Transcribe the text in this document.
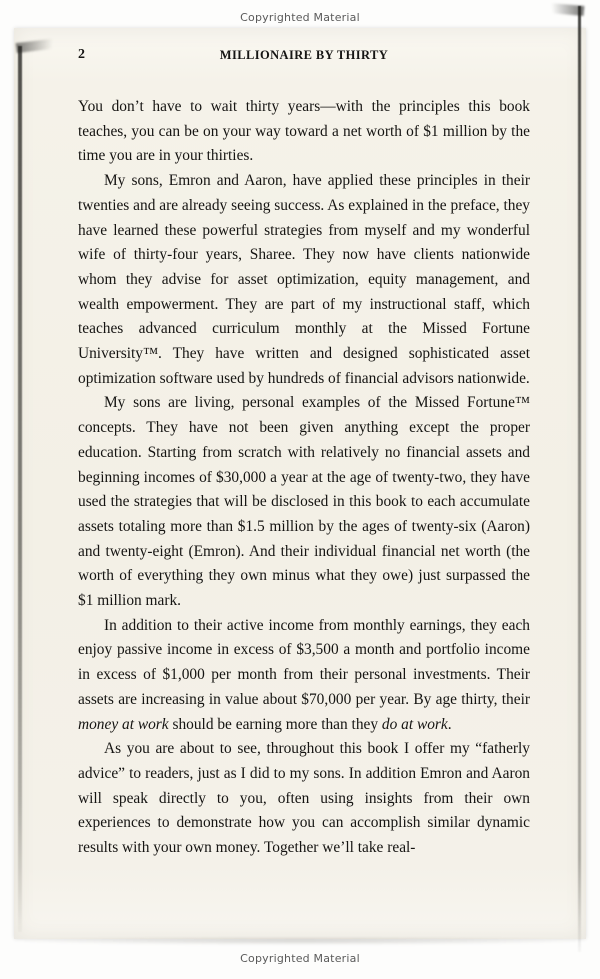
Copyrighted Material
2	MILLIONAIRE BY THIRTY

You don’t have to wait thirty years—with the principles this book teaches, you can be on your way toward a net worth of $1 million by the time you are in your thirties.

My sons, Emron and Aaron, have applied these principles in their twenties and are already seeing success. As explained in the preface, they have learned these powerful strategies from myself and my wonderful wife of thirty-four years, Sharee. They now have clients nationwide whom they advise for asset optimization, equity management, and wealth empowerment. They are part of my instructional staff, which teaches advanced curriculum monthly at the Missed Fortune University™. They have written and designed sophisticated asset optimization software used by hundreds of financial advisors nationwide.

My sons are living, personal examples of the Missed Fortune™ concepts. They have not been given anything except the proper education. Starting from scratch with relatively no financial assets and beginning incomes of $30,000 a year at the age of twenty-two, they have used the strategies that will be disclosed in this book to each accumulate assets totaling more than $1.5 million by the ages of twenty-six (Aaron) and twenty-eight (Emron). And their individual financial net worth (the worth of everything they own minus what they owe) just surpassed the $1 million mark.

In addition to their active income from monthly earnings, they each enjoy passive income in excess of $3,500 a month and portfolio income in excess of $1,000 per month from their personal investments. Their assets are increasing in value about $70,000 per year. By age thirty, their money at work should be earning more than they do at work.

As you are about to see, throughout this book I offer my “fatherly advice” to readers, just as I did to my sons. In addition Emron and Aaron will speak directly to you, often using insights from their own experiences to demonstrate how you can accomplish similar dynamic results with your own money. Together we’ll take real-

Copyrighted Material
